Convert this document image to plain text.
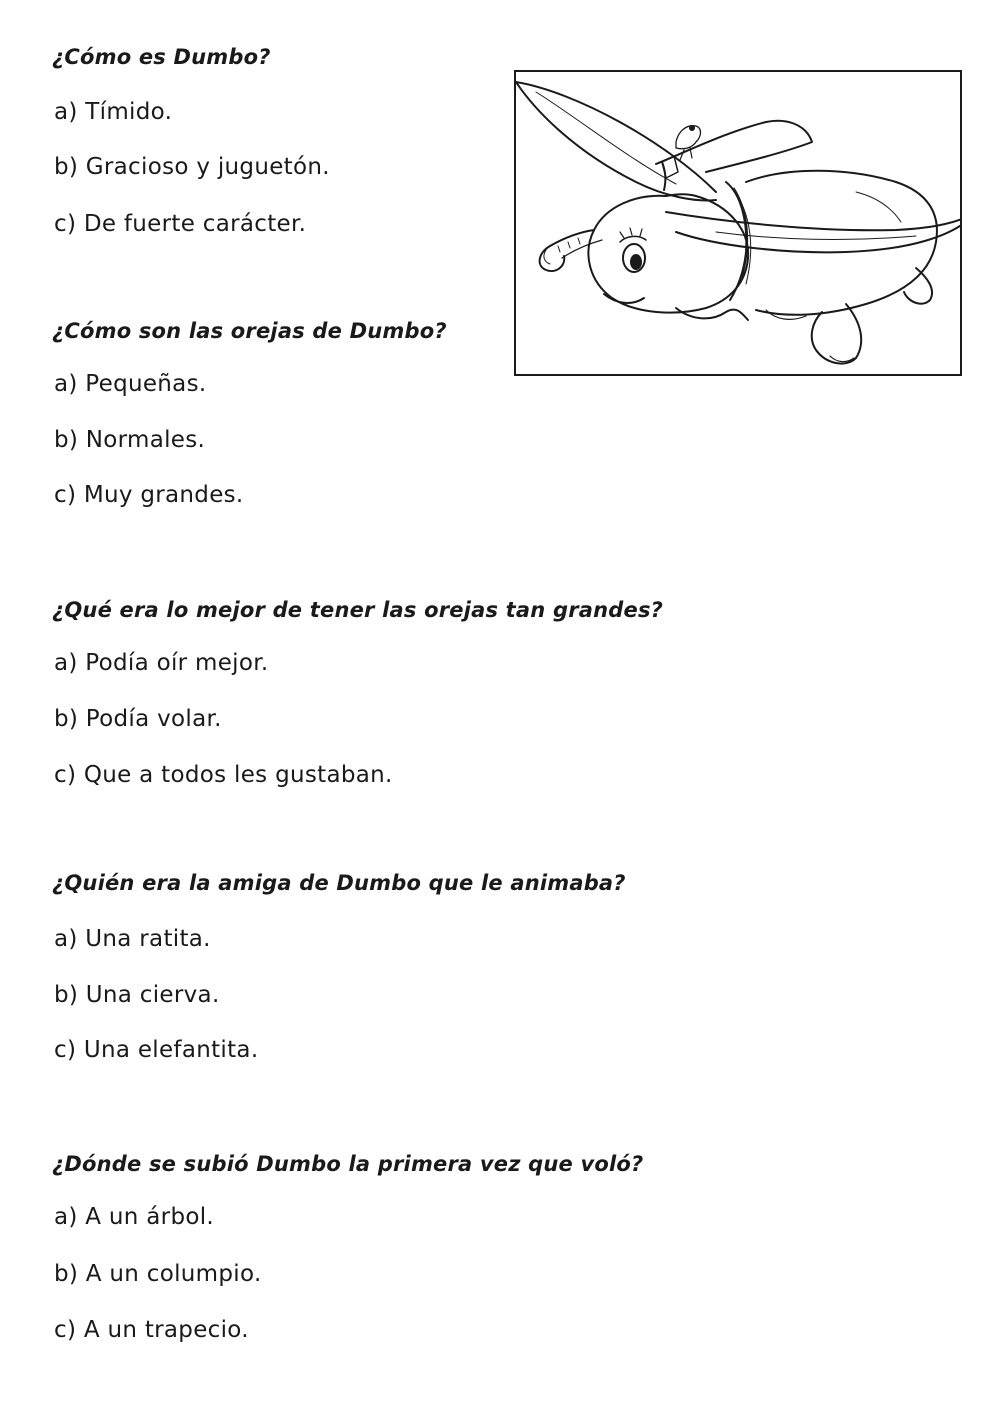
¿Cómo es Dumbo?
a) Tímido.
b) Gracioso y juguetón.
c) De fuerte carácter.
¿Cómo son las orejas de Dumbo?
a) Pequeñas.
b) Normales.
c) Muy grandes.
¿Qué era lo mejor de tener las orejas tan grandes?
a) Podía oír mejor.
b) Podía volar.
c) Que a todos les gustaban.
¿Quién era la amiga de Dumbo que le animaba?
a) Una ratita.
b) Una cierva.
c) Una elefantita.
¿Dónde se subió Dumbo la primera vez que voló?
a) A un árbol.
b) A un columpio.
c) A un trapecio.
